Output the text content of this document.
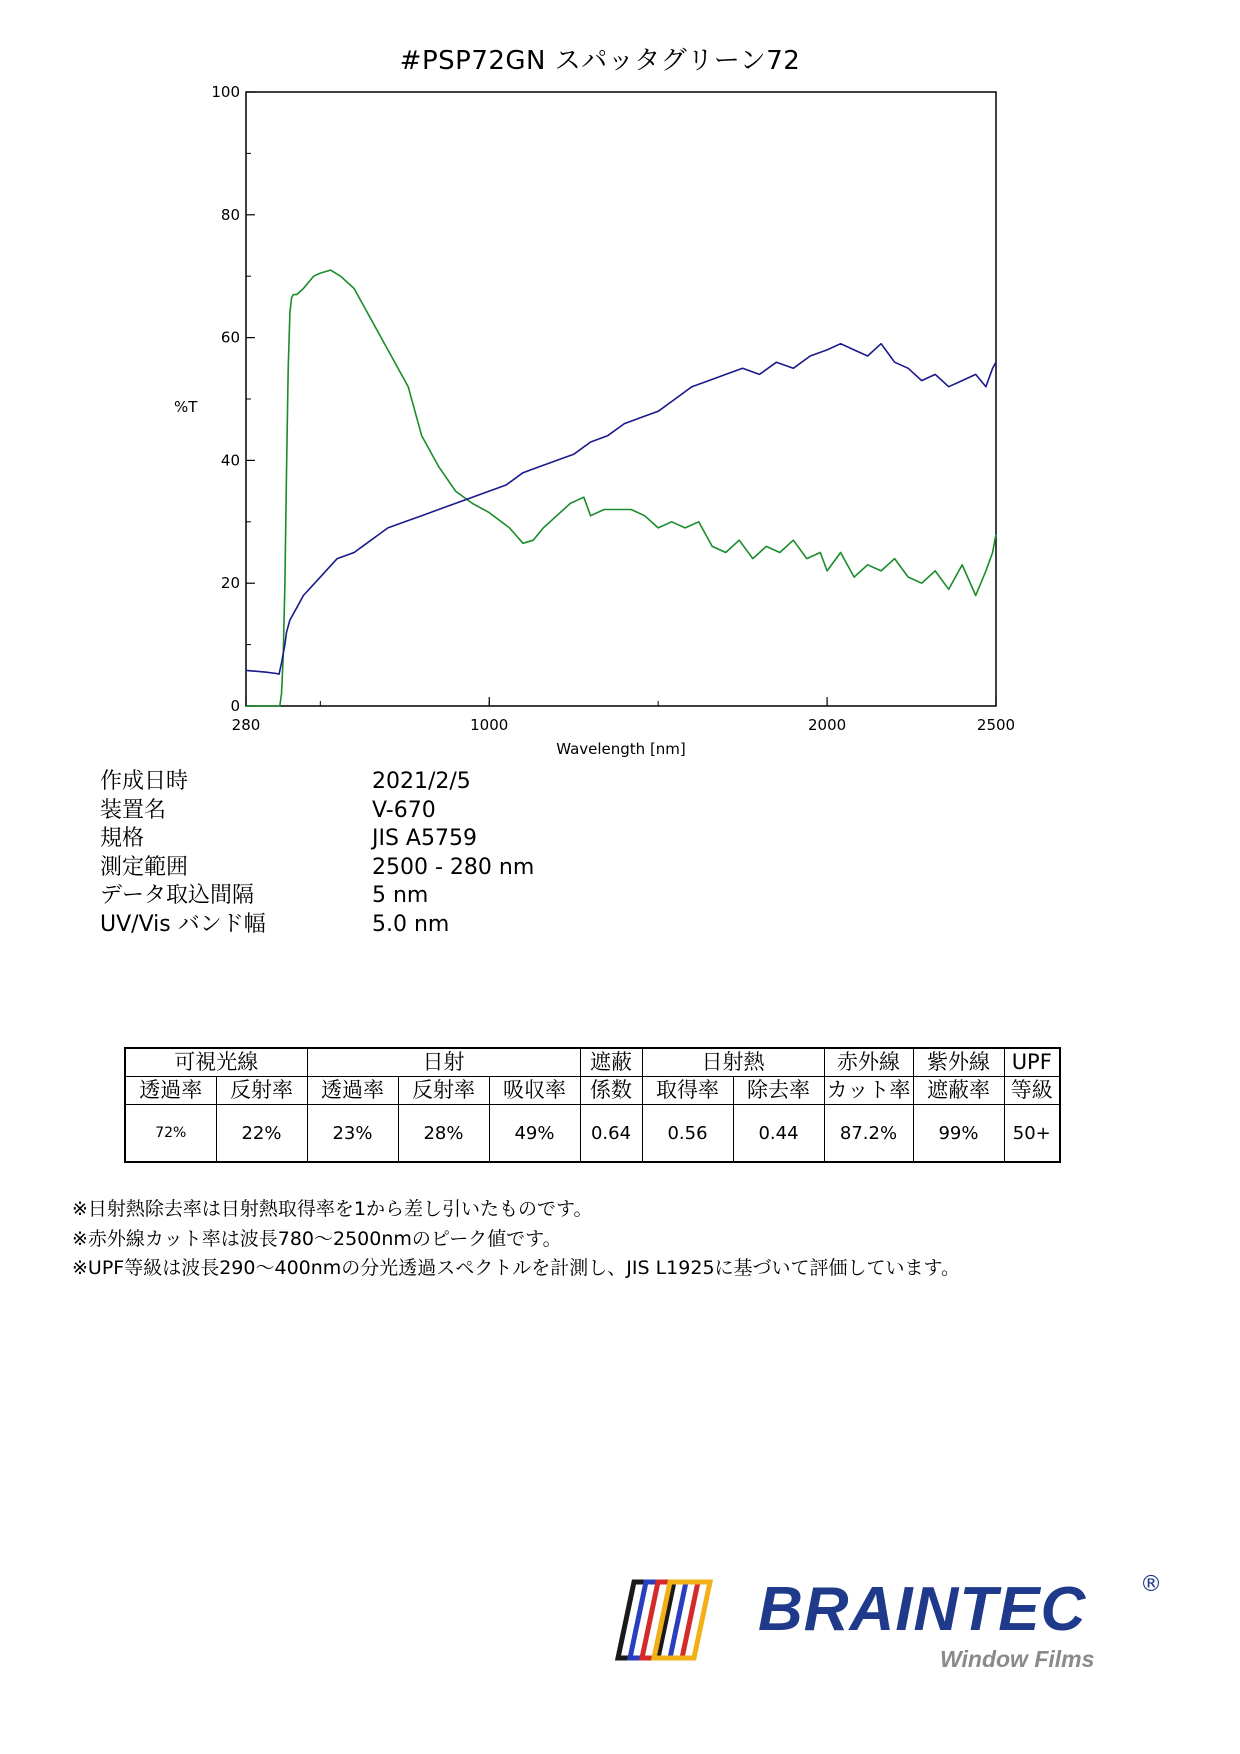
#PSP72GN スパッタグリーン72
0
20
40
60
80
100
280	1000	2000	2500
Wavelength [nm]
%T
作成日時	2021/2/5
装置名	V-670
規格	JIS A5759
測定範囲	2500 - 280 nm
データ取込間隔	5 nm
UV/Vis バンド幅	5.0 nm
可視光線		日射			遮蔽	日射熱		赤外線	紫外線	UPF
透過率	反射率	透過率	反射率	吸収率	係数	取得率	除去率	カット率	遮蔽率	等級
72%	22%	23%	28%	49%	0.64	0.56	0.44	87.2%	99%	50+
※日射熱除去率は日射熱取得率を1から差し引いたものです。
※赤外線カット率は波長780～2500nmのピーク値です。
※UPF等級は波長290～400nmの分光透過スペクトルを計測し、JIS L1925に基づいて評価しています。
BRAINTEC ®
Window Films
